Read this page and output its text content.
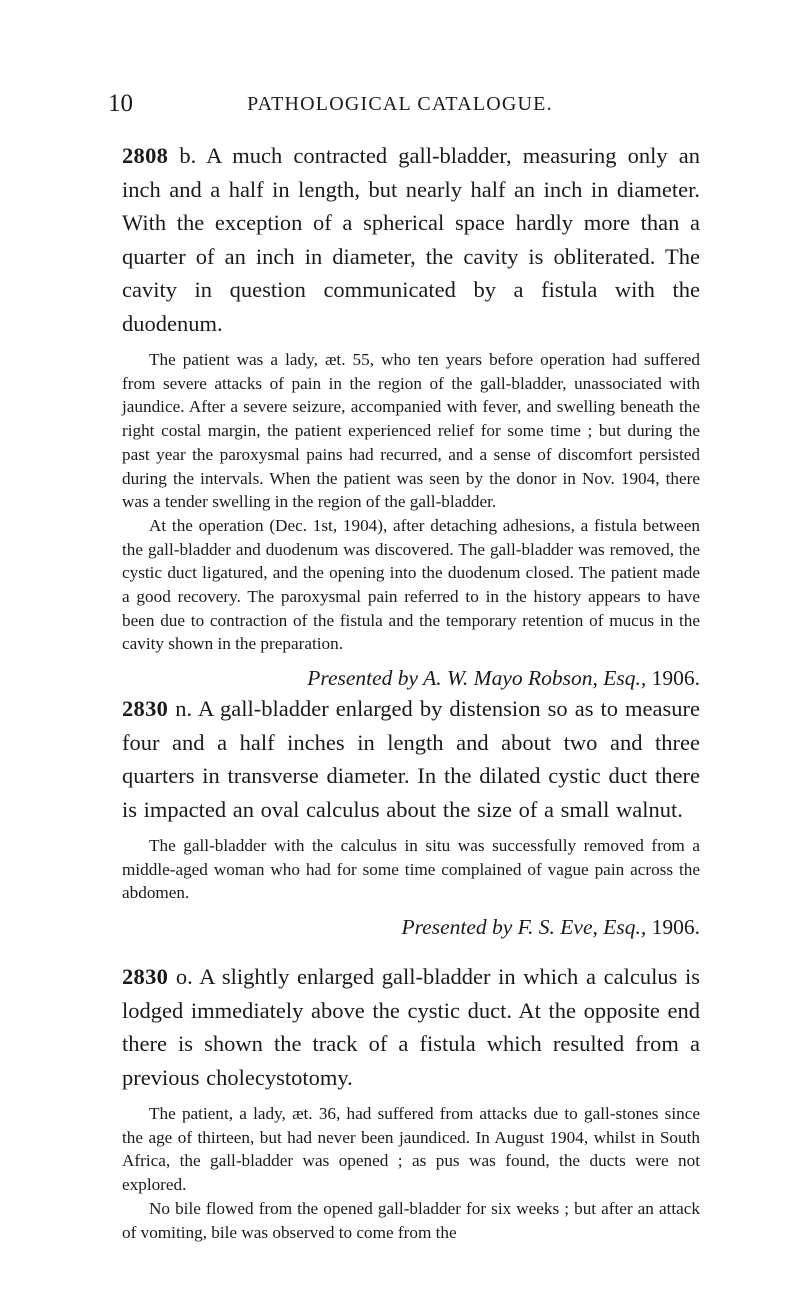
10	PATHOLOGICAL CATALOGUE.

2808 b. A much contracted gall-bladder, measuring only an inch and a half in length, but nearly half an inch in diameter. With the exception of a spherical space hardly more than a quarter of an inch in diameter, the cavity is obliterated. The cavity in question communicated by a fistula with the duodenum.

The patient was a lady, æt. 55, who ten years before operation had suffered from severe attacks of pain in the region of the gall-bladder, unassociated with jaundice. After a severe seizure, accompanied with fever, and swelling beneath the right costal margin, the patient experienced relief for some time ; but during the past year the paroxysmal pains had recurred, and a sense of discomfort persisted during the intervals. When the patient was seen by the donor in Nov. 1904, there was a tender swelling in the region of the gall-bladder.

At the operation (Dec. 1st, 1904), after detaching adhesions, a fistula between the gall-bladder and duodenum was discovered. The gall-bladder was removed, the cystic duct ligatured, and the opening into the duodenum closed. The patient made a good recovery. The paroxysmal pain referred to in the history appears to have been due to contraction of the fistula and the temporary retention of mucus in the cavity shown in the preparation.

Presented by A. W. Mayo Robson, Esq., 1906.

2830 n. A gall-bladder enlarged by distension so as to measure four and a half inches in length and about two and three quarters in transverse diameter. In the dilated cystic duct there is impacted an oval calculus about the size of a small walnut.

The gall-bladder with the calculus in situ was successfully removed from a middle-aged woman who had for some time complained of vague pain across the abdomen.

Presented by F. S. Eve, Esq., 1906.

2830 o. A slightly enlarged gall-bladder in which a calculus is lodged immediately above the cystic duct. At the opposite end there is shown the track of a fistula which resulted from a previous cholecystotomy.

The patient, a lady, æt. 36, had suffered from attacks due to gall-stones since the age of thirteen, but had never been jaundiced. In August 1904, whilst in South Africa, the gall-bladder was opened ; as pus was found, the ducts were not explored.

No bile flowed from the opened gall-bladder for six weeks ; but after an attack of vomiting, bile was observed to come from the
